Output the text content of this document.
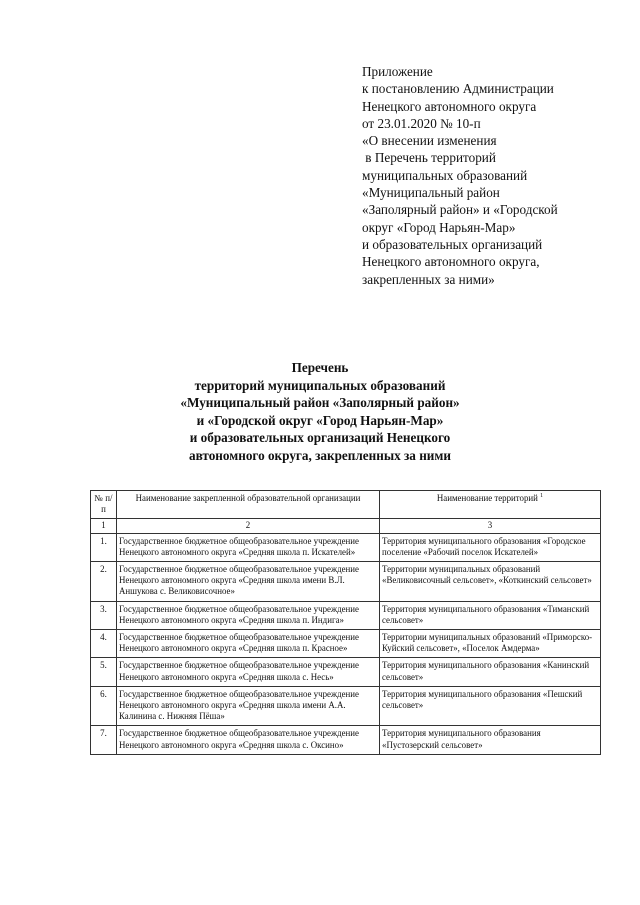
Приложение
к постановлению Администрации
Ненецкого автономного округа
от 23.01.2020 № 10-п
«О внесении изменения
в Перечень территорий
муниципальных образований
«Муниципальный район
«Заполярный район» и «Городской
округ «Город Нарьян-Мар»
и образовательных организаций
Ненецкого автономного округа,
закрепленных за ними»
Перечень
территорий муниципальных образований
«Муниципальный район «Заполярный район»
и «Городской округ «Город Нарьян-Мар»
и образовательных организаций Ненецкого
автономного округа, закрепленных за ними
№ п/п	Наименование закрепленной образовательной организации	Наименование территорий $^1$
1	2	3
1.	Государственное бюджетное общеобразовательное учреждение Ненецкого автономного округа «Средняя школа п. Искателей»	Территория муниципального образования «Городское поселение «Рабочий поселок Искателей»
2.	Государственное бюджетное общеобразовательное учреждение Ненецкого автономного округа «Средняя школа имени В.Л. Аншукова с. Великовисочное»	Территории муниципальных образований «Великовисочный сельсовет», «Коткинский сельсовет»
3.	Государственное бюджетное общеобразовательное учреждение Ненецкого автономного округа «Средняя школа п. Индига»	Территория муниципального образования «Тиманский сельсовет»
4.	Государственное бюджетное общеобразовательное учреждение Ненецкого автономного округа «Средняя школа п. Красное»	Территории муниципальных образований «Приморско-Куйский сельсовет», «Поселок Амдерма»
5.	Государственное бюджетное общеобразовательное учреждение Ненецкого автономного округа «Средняя школа с. Несь»	Территория муниципального образования «Канинский сельсовет»
6.	Государственное бюджетное общеобразовательное учреждение Ненецкого автономного округа «Средняя школа имени А.А. Калинина с. Нижняя Пёша»	Территория муниципального образования «Пешский сельсовет»
7.	Государственное бюджетное общеобразовательное учреждение Ненецкого автономного округа «Средняя школа с. Оксино»	Территория муниципального образования «Пустозерский сельсовет»
